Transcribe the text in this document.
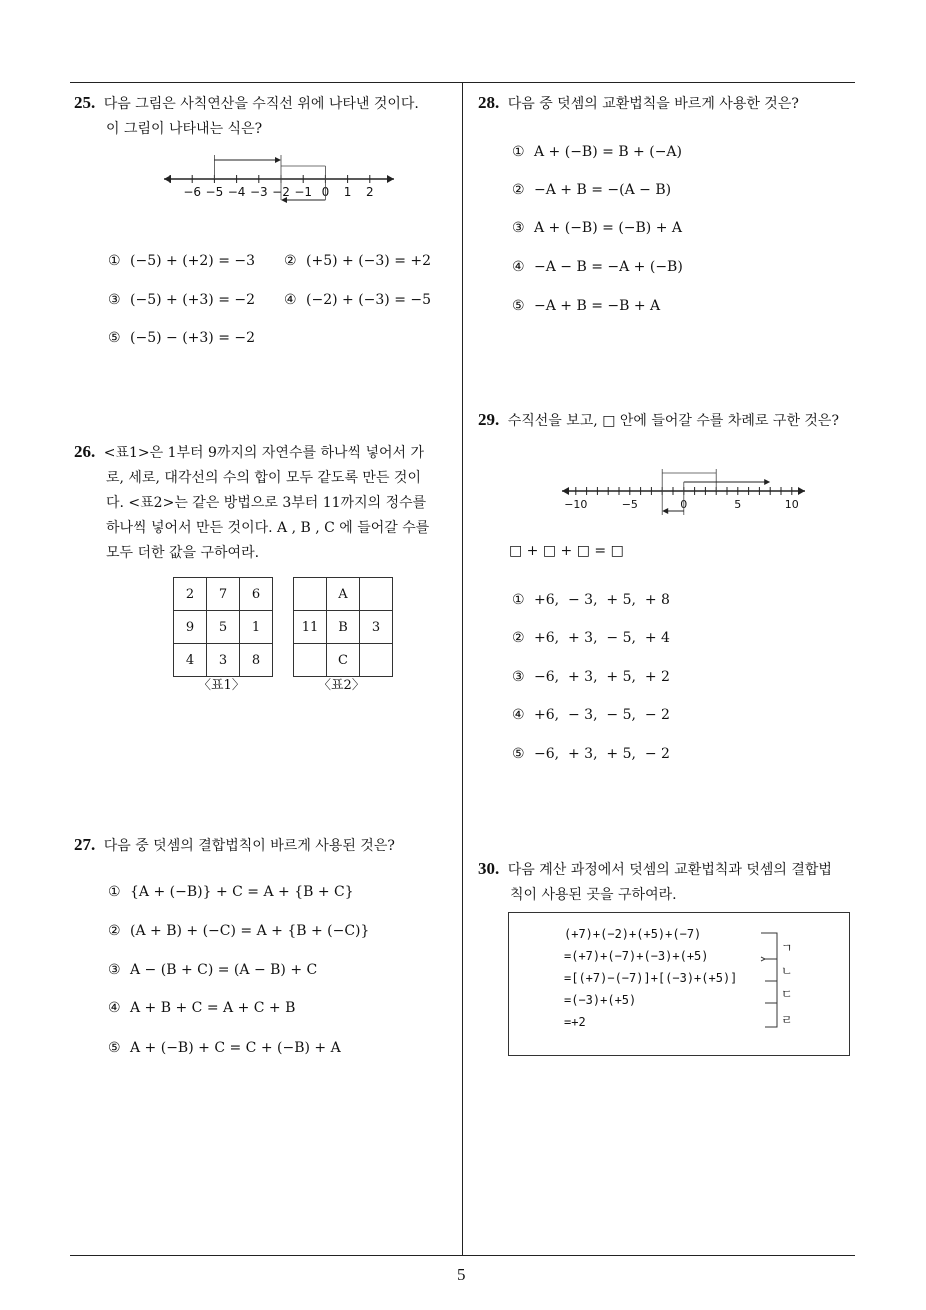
5
25. 다음 그림은 사칙연산을 수직선 위에 나타낸 것이다.
이 그림이 나타내는 식은?
−6 −5 −4 −3 −2 −1 0 1 2
① (−5) + (+2) = −3 ② (+5) + (−3) = +2
③ (−5) + (+3) = −2 ④ (−2) + (−3) = −5
⑤ (−5) − (+3) = −2
26. <표1>은 1부터 9까지의 자연수를 하나씩 넣어서 가
로, 세로, 대각선의 수의 합이 모두 같도록 만든 것이
다. <표2>는 같은 방법으로 3부터 11까지의 정수를
하나씩 넣어서 만든 것이다. A , B , C 에 들어갈 수를
모두 더한 값을 구하여라.
2	7	6
9	5	1
4	3	8
〈표1〉
	A	
11	B	3
	C	
〈표2〉
27. 다음 중 덧셈의 결합법칙이 바르게 사용된 것은?
① {A + (−B)} + C = A + {B + C}
② (A + B) + (−C) = A + {B + (−C)}
③ A − (B + C) = (A − B) + C
④ A + B + C = A + C + B
⑤ A + (−B) + C = C + (−B) + A
28. 다음 중 덧셈의 교환법칙을 바르게 사용한 것은?
① A + (−B) = B + (−A)
② −A + B = −(A − B)
③ A + (−B) = (−B) + A
④ −A − B = −A + (−B)
⑤ −A + B = −B + A
29. 수직선을 보고, □ 안에 들어갈 수를 차례로 구한 것은?
−10	−5	0	5	10
□ + □ + □ = □
① +6,  − 3,  + 5,  + 8
② +6,  + 3,  − 5,  + 4
③ −6,  + 3,  + 5,  + 2
④ +6,  − 3,  − 5,  − 2
⑤ −6,  + 3,  + 5,  − 2
30. 다음 계산 과정에서 덧셈의 교환법칙과 덧셈의 결합법
칙이 사용된 곳을 구하여라.
(+7)+(−2)+(+5)+(−7)
=(+7)+(−7)+(−3)+(+5)
=[(+7)−(−7)]+[(−3)+(+5)]
=(−3)+(+5)
=+2
ㄱ
ㄴ
ㄷ
ㄹ
